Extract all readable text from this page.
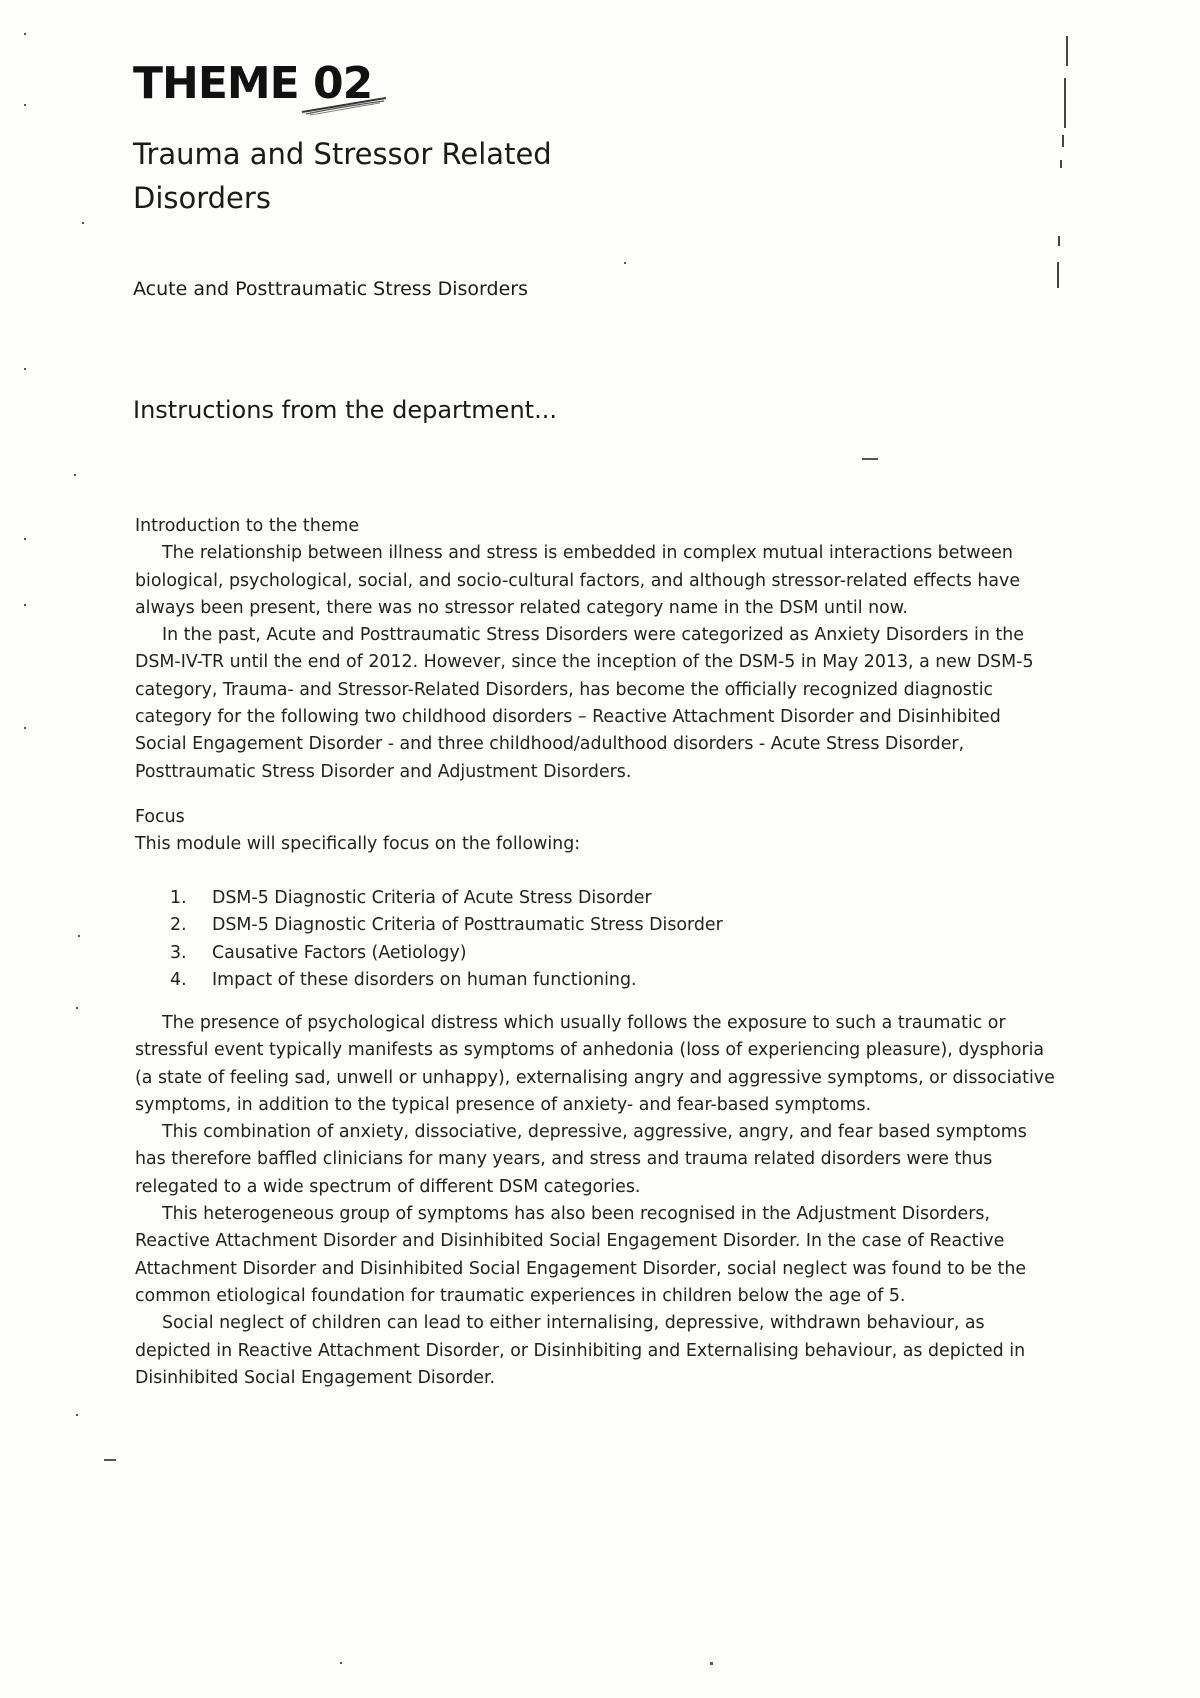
THEME 02
Trauma and Stressor Related Disorders
Acute and Posttraumatic Stress Disorders
Instructions from the department...

Introduction to the theme

The relationship between illness and stress is embedded in complex mutual interactions between biological, psychological, social, and socio-cultural factors, and although stressor-related effects have always been present, there was no stressor related category name in the DSM until now.

In the past, Acute and Posttraumatic Stress Disorders were categorized as Anxiety Disorders in the DSM-IV-TR until the end of 2012. However, since the inception of the DSM-5 in May 2013, a new DSM-5 category, Trauma- and Stressor-Related Disorders, has become the officially recognized diagnostic category for the following two childhood disorders – Reactive Attachment Disorder and Disinhibited Social Engagement Disorder - and three childhood/adulthood disorders - Acute Stress Disorder, Posttraumatic Stress Disorder and Adjustment Disorders.

Focus

This module will specifically focus on the following:

1.	DSM-5 Diagnostic Criteria of Acute Stress Disorder
2.	DSM-5 Diagnostic Criteria of Posttraumatic Stress Disorder
3.	Causative Factors (Aetiology)
4.	Impact of these disorders on human functioning.

The presence of psychological distress which usually follows the exposure to such a traumatic or stressful event typically manifests as symptoms of anhedonia (loss of experiencing pleasure), dysphoria (a state of feeling sad, unwell or unhappy), externalising angry and aggressive symptoms, or dissociative symptoms, in addition to the typical presence of anxiety- and fear-based symptoms.

This combination of anxiety, dissociative, depressive, aggressive, angry, and fear based symptoms has therefore baffled clinicians for many years, and stress and trauma related disorders were thus relegated to a wide spectrum of different DSM categories.

This heterogeneous group of symptoms has also been recognised in the Adjustment Disorders, Reactive Attachment Disorder and Disinhibited Social Engagement Disorder. In the case of Reactive Attachment Disorder and Disinhibited Social Engagement Disorder, social neglect was found to be the common etiological foundation for traumatic experiences in children below the age of 5.

Social neglect of children can lead to either internalising, depressive, withdrawn behaviour, as depicted in Reactive Attachment Disorder, or Disinhibiting and Externalising behaviour, as depicted in Disinhibited Social Engagement Disorder.
